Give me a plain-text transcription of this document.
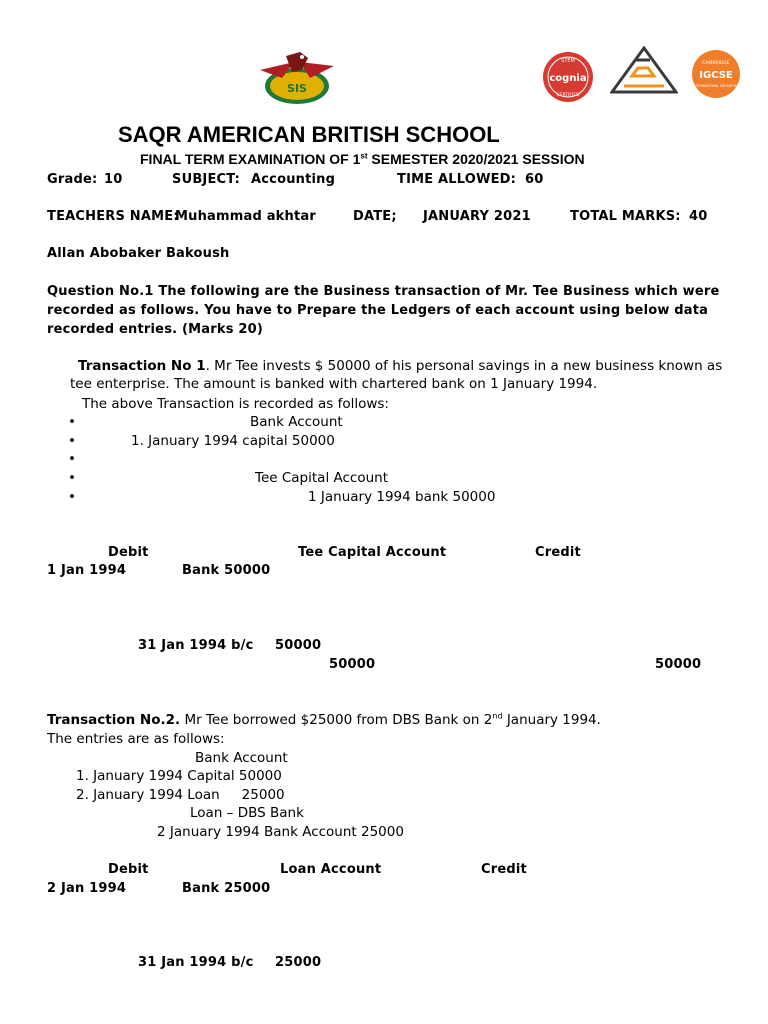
SIS
STEM
cognia
CERTIFIED
CAMBRIDGE
IGCSE
INTERNATIONAL EDUCATION
SAQR AMERICAN BRITISH SCHOOL
FINAL TERM EXAMINATION OF 1st SEMESTER 2020/2021 SESSION
Grade: 10	SUBJECT: Accounting	TIME ALLOWED: 60
TEACHERS NAME:
Muhammad akhtar	DATE; JANUARY 2021	TOTAL MARKS: 40
Allan Abobaker Bakoush
Question No.1 The following are the Business transaction of Mr. Tee Business which were
recorded as follows. You have to Prepare the Ledgers of each account using below data
recorded entries. (Marks 20)
Transaction No 1. Mr Tee invests $ 50000 of his personal savings in a new business known as
tee enterprise. The amount is banked with chartered bank on 1 January 1994.
The above Transaction is recorded as follows:
•	Bank Account
•	1. January 1994 capital 50000
•
•	Tee Capital Account
•	1 January 1994 bank 50000
Debit	Tee Capital Account	Credit
1 Jan 1994	Bank 50000
31 Jan 1994 b/c 50000
50000	50000
Transaction No.2. Mr Tee borrowed $25000 from DBS Bank on 2nd January 1994.
The entries are as follows:
Bank Account
1. January 1994 Capital 50000
2. January 1994 Loan 25000
Loan – DBS Bank
2 January 1994 Bank Account 25000
Debit	Loan Account	Credit
2 Jan 1994	Bank 25000
31 Jan 1994 b/c 25000
